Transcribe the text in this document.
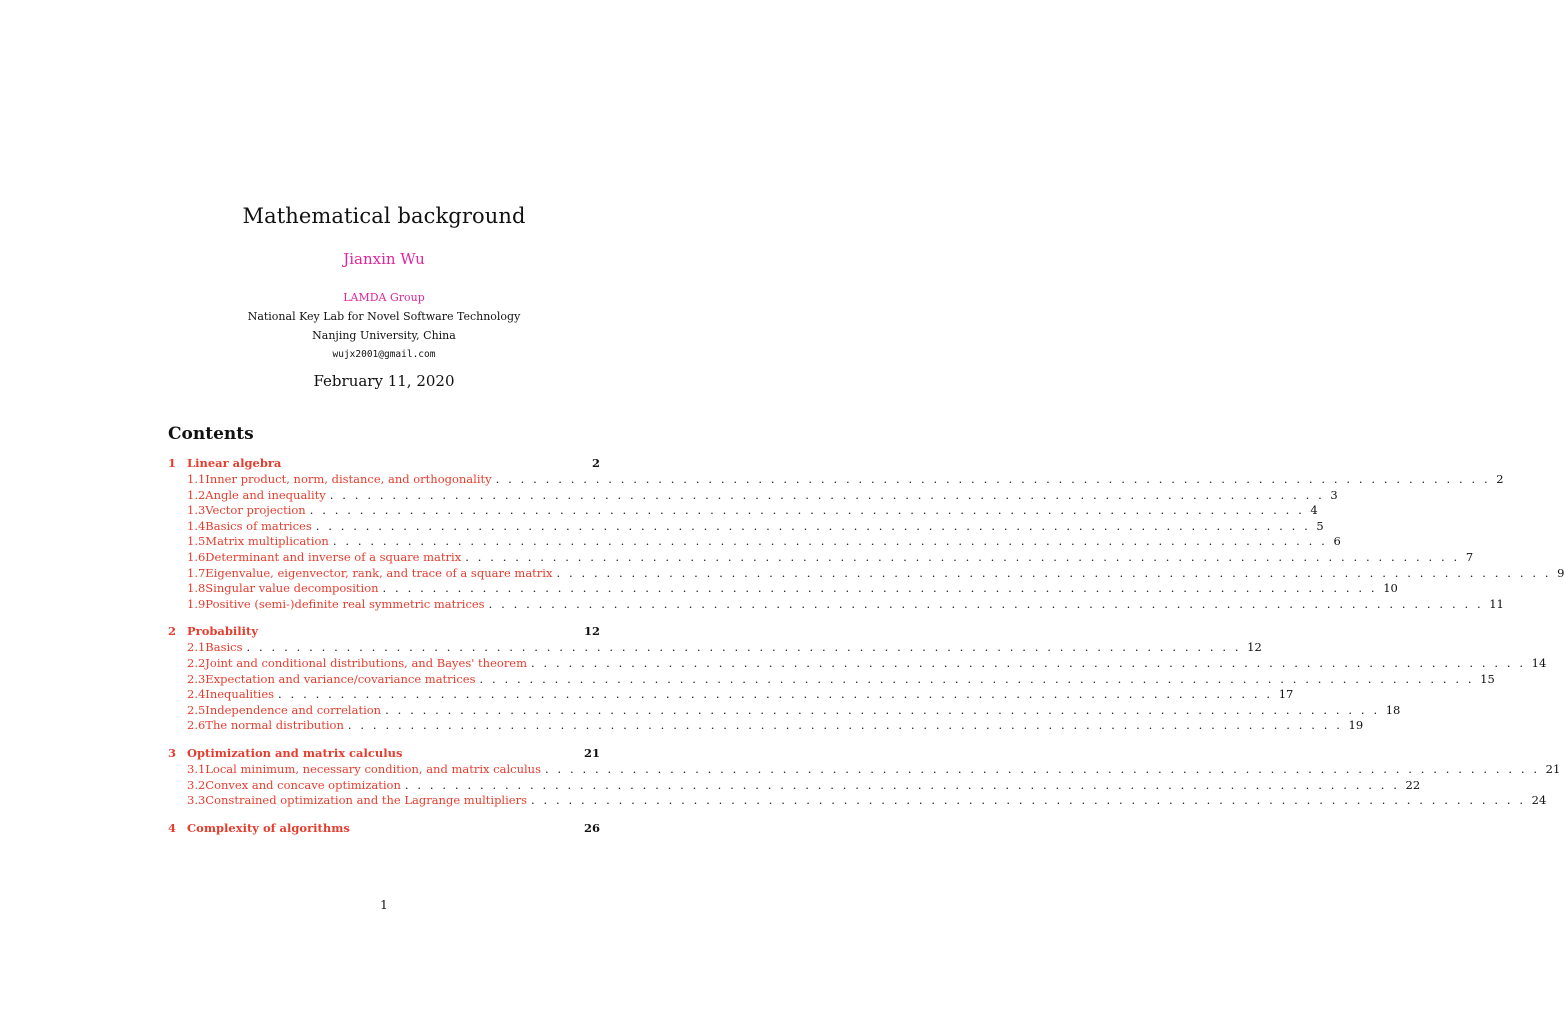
Mathematical background
Jianxin Wu
LAMDA Group
National Key Lab for Novel Software Technology
Nanjing University, China
wujx2001@gmail.com
February 11, 2020
Contents
1 Linear algebra	2
1.1 Inner product, norm, distance, and orthogonality . . . . . . . . . . . . . . . . . . . . . . . . . . . . . . . . . . . . . . . . . . . . . . . . . . . . . . . . . . . . . . . . . . . . . . . . . . . . . . . . 2
1.2 Angle and inequality . . . . . . . . . . . . . . . . . . . . . . . . . . . . . . . . . . . . . . . . . . . . . . . . . . . . . . . . . . . . . . . . . . . . . . . . . . . . . . . . 3
1.3 Vector projection . . . . . . . . . . . . . . . . . . . . . . . . . . . . . . . . . . . . . . . . . . . . . . . . . . . . . . . . . . . . . . . . . . . . . . . . . . . . . . . . 4
1.4 Basics of matrices . . . . . . . . . . . . . . . . . . . . . . . . . . . . . . . . . . . . . . . . . . . . . . . . . . . . . . . . . . . . . . . . . . . . . . . . . . . . . . . . 5
1.5 Matrix multiplication . . . . . . . . . . . . . . . . . . . . . . . . . . . . . . . . . . . . . . . . . . . . . . . . . . . . . . . . . . . . . . . . . . . . . . . . . . . . . . . . 6
1.6 Determinant and inverse of a square matrix . . . . . . . . . . . . . . . . . . . . . . . . . . . . . . . . . . . . . . . . . . . . . . . . . . . . . . . . . . . . . . . . . . . . . . . . . . . . . . . . 7
1.7 Eigenvalue, eigenvector, rank, and trace of a square matrix . . . . . . . . . . . . . . . . . . . . . . . . . . . . . . . . . . . . . . . . . . . . . . . . . . . . . . . . . . . . . . . . . . . . . . . . . . . . . . . . 9
1.8 Singular value decomposition . . . . . . . . . . . . . . . . . . . . . . . . . . . . . . . . . . . . . . . . . . . . . . . . . . . . . . . . . . . . . . . . . . . . . . . . . . . . . . . . 10
1.9 Positive (semi-)definite real symmetric matrices . . . . . . . . . . . . . . . . . . . . . . . . . . . . . . . . . . . . . . . . . . . . . . . . . . . . . . . . . . . . . . . . . . . . . . . . . . . . . . . . 11
2 Probability	12
2.1 Basics . . . . . . . . . . . . . . . . . . . . . . . . . . . . . . . . . . . . . . . . . . . . . . . . . . . . . . . . . . . . . . . . . . . . . . . . . . . . . . . . 12
2.2 Joint and conditional distributions, and Bayes' theorem . . . . . . . . . . . . . . . . . . . . . . . . . . . . . . . . . . . . . . . . . . . . . . . . . . . . . . . . . . . . . . . . . . . . . . . . . . . . . . . . 14
2.3 Expectation and variance/covariance matrices . . . . . . . . . . . . . . . . . . . . . . . . . . . . . . . . . . . . . . . . . . . . . . . . . . . . . . . . . . . . . . . . . . . . . . . . . . . . . . . . 15
2.4 Inequalities . . . . . . . . . . . . . . . . . . . . . . . . . . . . . . . . . . . . . . . . . . . . . . . . . . . . . . . . . . . . . . . . . . . . . . . . . . . . . . . . 17
2.5 Independence and correlation . . . . . . . . . . . . . . . . . . . . . . . . . . . . . . . . . . . . . . . . . . . . . . . . . . . . . . . . . . . . . . . . . . . . . . . . . . . . . . . . 18
2.6 The normal distribution . . . . . . . . . . . . . . . . . . . . . . . . . . . . . . . . . . . . . . . . . . . . . . . . . . . . . . . . . . . . . . . . . . . . . . . . . . . . . . . . 19
3 Optimization and matrix calculus	21
3.1 Local minimum, necessary condition, and matrix calculus . . . . . . . . . . . . . . . . . . . . . . . . . . . . . . . . . . . . . . . . . . . . . . . . . . . . . . . . . . . . . . . . . . . . . . . . . . . . . . . . 21
3.2 Convex and concave optimization . . . . . . . . . . . . . . . . . . . . . . . . . . . . . . . . . . . . . . . . . . . . . . . . . . . . . . . . . . . . . . . . . . . . . . . . . . . . . . . . 22
3.3 Constrained optimization and the Lagrange multipliers . . . . . . . . . . . . . . . . . . . . . . . . . . . . . . . . . . . . . . . . . . . . . . . . . . . . . . . . . . . . . . . . . . . . . . . . . . . . . . . . 24
4 Complexity of algorithms	26
1
